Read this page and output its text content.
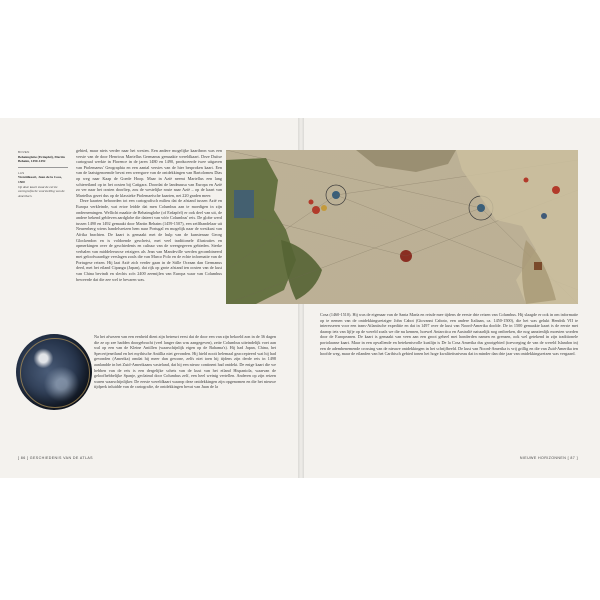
BOVEN
Behaimglobe (Erdapfel), Martin Behaim, 1490-1492
LAS
Wereldkaart, Juan de la Cosa, 1500
Op deze kaart staat de eerste cartografische voorstelling van de Amerika's.

gebied, maar niets verder naar het westen. Een andere mogelijke kaartbron was een versie van de door Henricus Martellus Germanus gemaakte wereldkaart. Deze Duitse cartograaf werkte in Florence in de jaren 1480 en 1490, produceerde twee uitgaven van Ptolemaeus' Geographia en een aantal versies van de hier besproken kaart. Een van de laatstgenoemde bevat een weergave van de ontdekkingen van Bartolomeu Dias op weg naar Kaap de Goede Hoop. Maar in Azië neemt Martellus een lang schiereiland op in het oosten bij Catigara. Doordat de landmassa van Europa en Azië zo ver naar het oosten doorliep, zou de westelijke route naar Azië – op de kaart van Martellus gezet dus op de klassieke Ptolemaeïsche kaarten, net 220 graden meer.

Deze kaarten behoorden tot een cartografisch milieu dat de afstand tussen Azië en Europa verkleinde, wat ertoe leidde dat men Columbus aan te moedigen in zijn ondernemingen. Wellicht maakte de Behaimglobe (of Erdapfel) er ook deel van uit, de andere bekend gebleven aardglobe die dateert van vóór Columbus' reis. De globe werd tussen 1490 en 1492 gemaakt door Martin Behaim (1459-1507), een zeilfhandelaar uit Neurenberg wiens handelsreizen hem naar Portugal en mogelijk naar de westkust van Afrika brachten. De kaart is gemaakt met de hulp van de kunstenaar Georg Glockendon en is voldoende geschetst, met veel traditionele illustraties en opmerkingen over de geschiedenis en cultuur van de weergegeven gebieden. Sterke verhalen van middeleeuwse reizigers als Jean van Mandeville werden gecombineerd met geloofwaardige verslagen zoals die van Marco Polo en de echte informatie van de Portugese reizen. Hij laat Azië zich verder gaan in de Stille Oceaan dan Germanus deed, met het eiland Cipangu (Japan), dat rijk op grote afstand ten oosten van de kust van China bevindt en slechts zo'n 2400 zeemijlen van Europa waar van Columbus beweerde dat die zee wel te bevaren was.

Na het afwezen van een eenheid dient zijn betreurt eerst dat de door een van zijn bekoeld zon in de 36 dagen die ze op zee hadden doorgebracht (veel langer dan was aangegeven), zette Columbus uiteindelijk voet aan wal op een van de Kleine Antillen (waarschijnlijk eigen op de Bahama's). Hij had Japan, China, het Specerijeneiland en het mythische Antillia niet gevonden. Hij hield nooit helemaal geaccepteerd wat hij had gevonden (Amerika) omdat hij meer dan gewone, zelfs niet toen hij tijdens zijn derde reis in 1498 aanlandde in het Zuid-Amerikaans vasteland, dat hij een nieuw continent had ontdekt. De enige kaart die we hebben van de reis is een dergelijke schets van de kust van het eiland Hispaniola, waarvan de geloofhebbelijke Spanje, geclaimd door Columbus zelf, een heel weinig vertellen. Anderen op zijn reizen waren waarschijnlijker. De eerste wereldkaart waarop deze ontdekkingen zijn opgenomen en die het nieuwe tijdperk inluidde van de cartografie, de ontdekkingen bevat van Juan de la

Cosa (1460-1510). Hij was de eigenaar van de Santa María en reisde mee tijdens de eerste drie reizen van Columbus. Hij slaagde er ook in om informatie op te nemen van de ontdekkingsreiziger John Cabot (Giovanni Caboto, een andere Italiaan, ca. 1450-1500), die het was gelukt Hendrik VII te interesseren voor een trans-Atlantische expeditie en dat in 1497 over de kust van Noord-Amerika doolde. De in 1500 gemaakte kaart is de eerste met daarop iets van lijfje op de wereld zoals we die nu kennen, hoewel Antarctica en Australië natuurlijk nog ontbreken, die nog aanzienlijk moesten worden door de Europeanen. De kaart is gemaakt van veen aan een groot geheel met honderden namen en grenzen, ook wel getekend in zijn traditionele portolaanse kaart. Maar in een opvallende en betekenisvolle kustlijn is De la Cosa Amerika dus grootgebied (toevoeging de van de wereld Islandon in) een de adembenemende crossing van de nieuwe ontdekkingen in het schrijfbeeld. De kust van Noord-Amerika is vrij grillig en die van Zuid-Amerika ten hoofde weg, maar de eilanden van het Caribisch gebied tonen het hoge kwaliteitsniveau dat in minder dan drie jaar van ontdekkingsreizen was vergaard.

[ 86 ] GESCHIEDENIS VAN DE ATLAS	NIEUWE HORIZONNEN [ 87 ]
